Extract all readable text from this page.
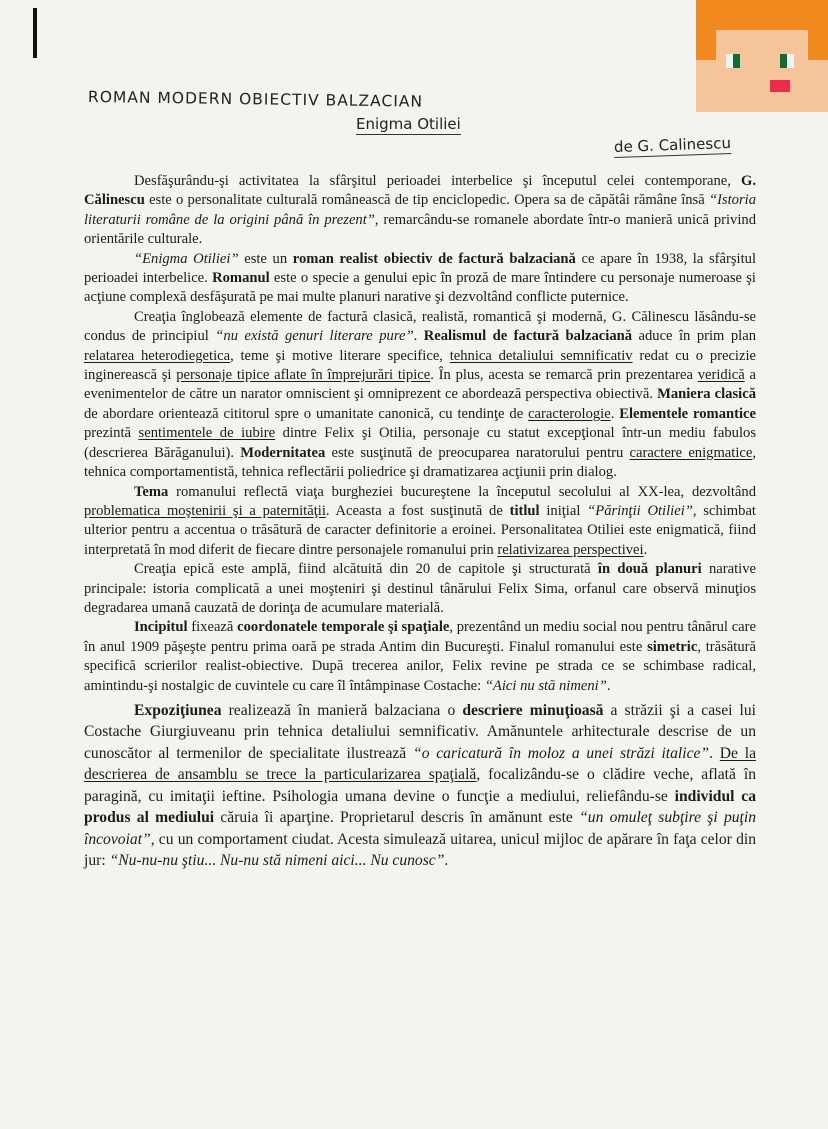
ROMAN MODERN OBIECTIV BALZACIAN
Enigma Otiliei
de G. Calinescu

Desfăşurându-şi activitatea la sfârşitul perioadei interbelice şi începutul celei contemporane, G. Călinescu este o personalitate culturală românească de tip enciclopedic. Opera sa de căpătâi rămâne însă “Istoria literaturii române de la origini până în prezent”, remarcându-se romanele abordate într-o manieră unică privind orientările culturale.

“Enigma Otiliei” este un roman realist obiectiv de factură balzaciană ce apare în 1938, la sfârşitul perioadei interbelice. Romanul este o specie a genului epic în proză de mare întindere cu personaje numeroase şi acţiune complexă desfăşurată pe mai multe planuri narative şi dezvoltând conflicte puternice.

Creaţia înglobează elemente de factură clasică, realistă, romantică şi modernă, G. Călinescu lăsându-se condus de principiul “nu există genuri literare pure”. Realismul de factură balzaciană aduce în prim plan relatarea heterodiegetica, teme şi motive literare specifice, tehnica detaliului semnificativ redat cu o precizie inginerească şi personaje tipice aflate în împrejurări tipice. În plus, acesta se remarcă prin prezentarea veridică a evenimentelor de către un narator omniscient şi omniprezent ce abordează perspectiva obiectivă. Maniera clasică de abordare orientează cititorul spre o umanitate canonică, cu tendinţe de caracterologie. Elementele romantice prezintă sentimentele de iubire dintre Felix şi Otilia, personaje cu statut excepţional într-un mediu fabulos (descrierea Bărăganului). Modernitatea este susţinută de preocuparea naratorului pentru caractere enigmatice, tehnica comportamentistă, tehnica reflectării poliedrice şi dramatizarea acţiunii prin dialog.

Tema romanului reflectă viaţa burgheziei bucureştene la începutul secolului al XX-lea, dezvoltând problematica moştenirii şi a paternităţii. Aceasta a fost susţinută de titlul iniţial “Părinţii Otiliei”, schimbat ulterior pentru a accentua o trăsătură de caracter definitorie a eroinei. Personalitatea Otiliei este enigmatică, fiind interpretată în mod diferit de fiecare dintre personajele romanului prin relativizarea perspectivei.

Creaţia epică este amplă, fiind alcătuită din 20 de capitole şi structurată în două planuri narative principale: istoria complicată a unei moşteniri şi destinul tânărului Felix Sima, orfanul care observă minuţios degradarea umană cauzată de dorinţa de acumulare materială.

Incipitul fixează coordonatele temporale şi spaţiale, prezentând un mediu social nou pentru tânărul care în anul 1909 păşeşte pentru prima oară pe strada Antim din Bucureşti. Finalul romanului este simetric, trăsătură specifică scrierilor realist-obiective. După trecerea anilor, Felix revine pe strada ce se schimbase radical, amintindu-şi nostalgic de cuvintele cu care îl întâmpinase Costache: “Aici nu stă nimeni”.

Expoziţiunea realizează în manieră balzaciana o descriere minuţioasă a străzii şi a casei lui Costache Giurgiuveanu prin tehnica detaliului semnificativ. Amănuntele arhitecturale descrise de un cunoscător al termenilor de specialitate ilustrează “o caricatură în moloz a unei străzi italice”. De la descrierea de ansamblu se trece la particularizarea spaţială, focalizându-se o clădire veche, aflată în paragină, cu imitaţii ieftine. Psihologia umana devine o funcţie a mediului, reliefându-se individul ca produs al mediului căruia îi aparţine. Proprietarul descris în amănunt este “un omuleţ subţire şi puţin încovoiat”, cu un comportament ciudat. Acesta simulează uitarea, unicul mijloc de apărare în faţa celor din jur: “Nu-nu-nu ştiu... Nu-nu stă nimeni aici... Nu cunosc”.
